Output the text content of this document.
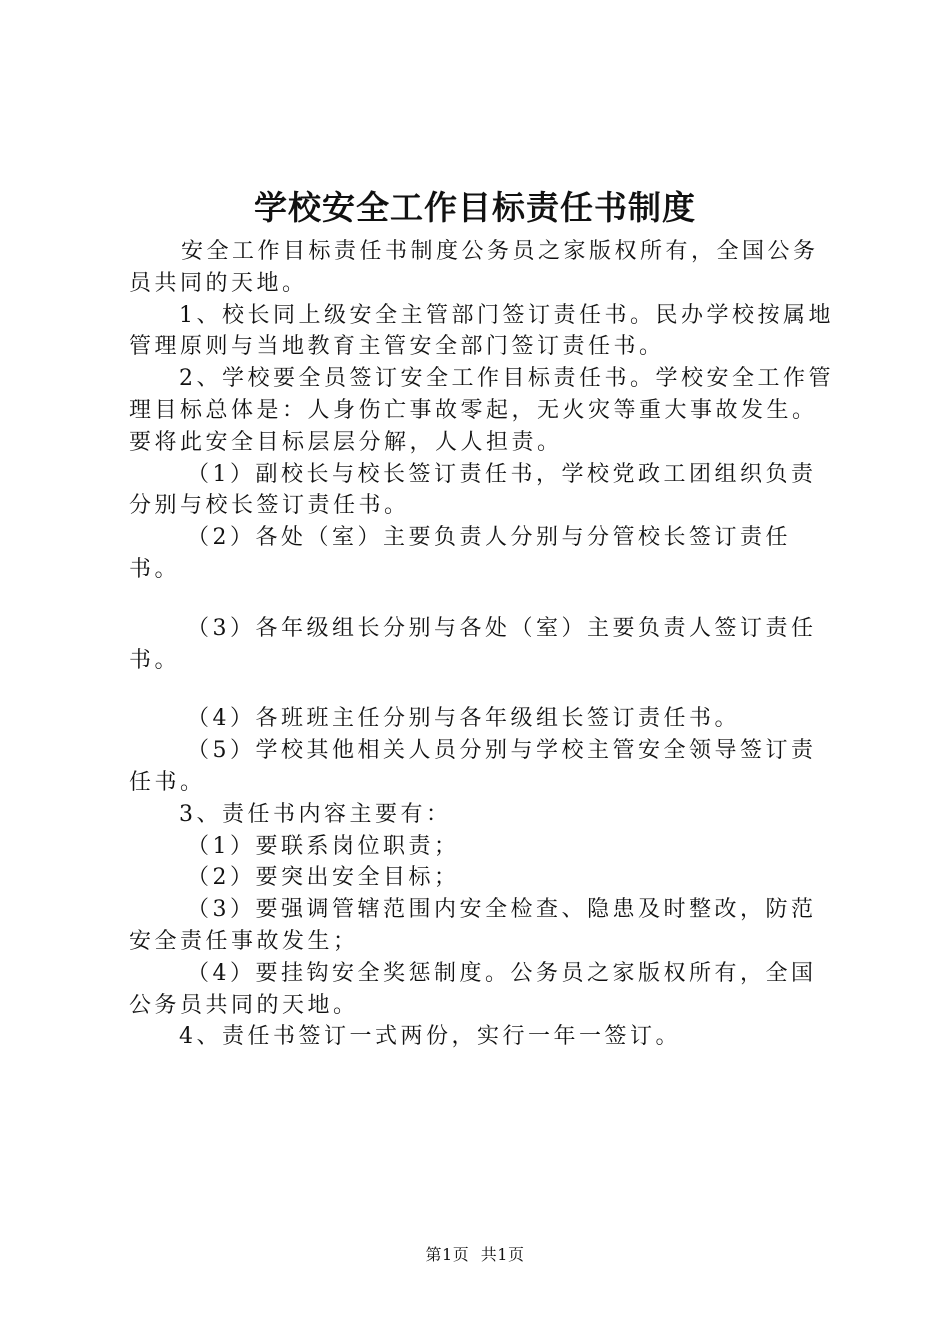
学校安全工作目标责任书制度

安全工作目标责任书制度公务员之家版权所有，全国公务员共同的天地。

1、校长同上级安全主管部门签订责任书。民办学校按属地管理原则与当地教育主管安全部门签订责任书。

2、学校要全员签订安全工作目标责任书。学校安全工作管理目标总体是：人身伤亡事故零起，无火灾等重大事故发生。要将此安全目标层层分解，人人担责。

（1）副校长与校长签订责任书，学校党政工团组织负责分别与校长签订责任书。

（2）各处（室）主要负责人分别与分管校长签订责任书。

（3）各年级组长分别与各处（室）主要负责人签订责任书。

（4）各班班主任分别与各年级组长签订责任书。

（5）学校其他相关人员分别与学校主管安全领导签订责任书。

3、责任书内容主要有：

（1）要联系岗位职责；

（2）要突出安全目标；

（3）要强调管辖范围内安全检查、隐患及时整改，防范安全责任事故发生；

（4）要挂钩安全奖惩制度。公务员之家版权所有，全国公务员共同的天地。

4、责任书签订一式两份，实行一年一签订。

第1页 共1页
